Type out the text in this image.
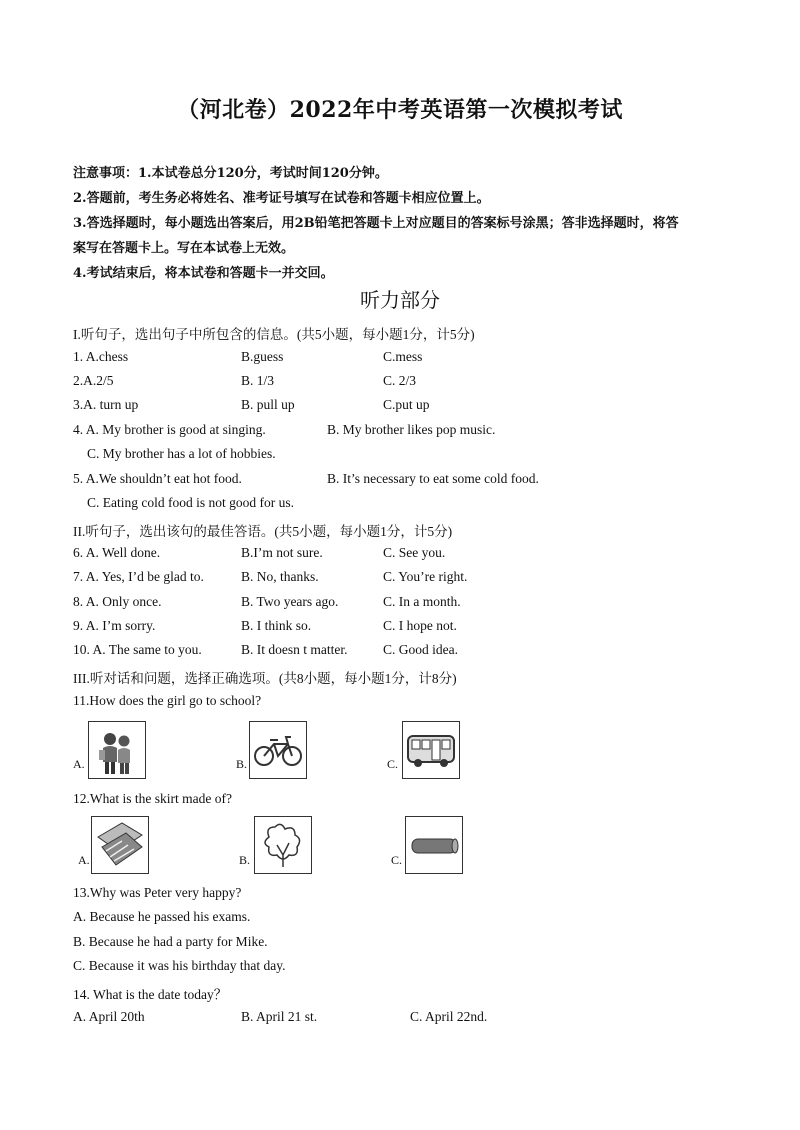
（河北卷）2022年中考英语第一次模拟考试
注意事项：1.本试卷总分120分，考试时间120分钟。
2.答题前，考生务必将姓名、准考证号填写在试卷和答题卡相应位置上。
3.答选择题时，每小题选出答案后，用2B铅笔把答题卡上对应题目的答案标号涂黑；答非选择题时，将答
案写在答题卡上。写在本试卷上无效。
4.考试结束后，将本试卷和答题卡一并交回。
听力部分
I.听句子，选出句子中所包含的信息。(共5小题，每小题1分，计5分)
1. A.chess	B.guess	C.mess
2.A.2/5	B. 1/3	C. 2/3
3.A. turn up	B. pull up	C.put up
4. A. My brother is good at singing.	B. My brother likes pop music.
C. My brother has a lot of hobbies.
5. A.We shouldn’t eat hot food.	B. It’s necessary to eat some cold food.
C. Eating cold food is not good for us.
II.听句子，选出该句的最佳答语。(共5小题，每小题1分，计5分)
6. A. Well done.	B.I’m not sure.	C. See you.
7. A. Yes, I’d be glad to.	B. No, thanks.	C. You’re right.
8. A. Only once.	B. Two years ago.	C. In a month.
9. A. I’m sorry.	B. I think so.	C. I hope not.
10. A. The same to you.	B. It doesn t matter.	C. Good idea.
III.听对话和问题，选择正确选项。(共8小题，每小题1分，计8分)
11.How does the girl go to school?
A.	B.	C.
12.What is the skirt made of?
A.	B.	C.
13.Why was Peter very happy?
A. Because he passed his exams.
B. Because he had a party for Mike.
C. Because it was his birthday that day.
14. What is the date today？
A. April 20th	B. April 21 st.	C. April 22nd.
